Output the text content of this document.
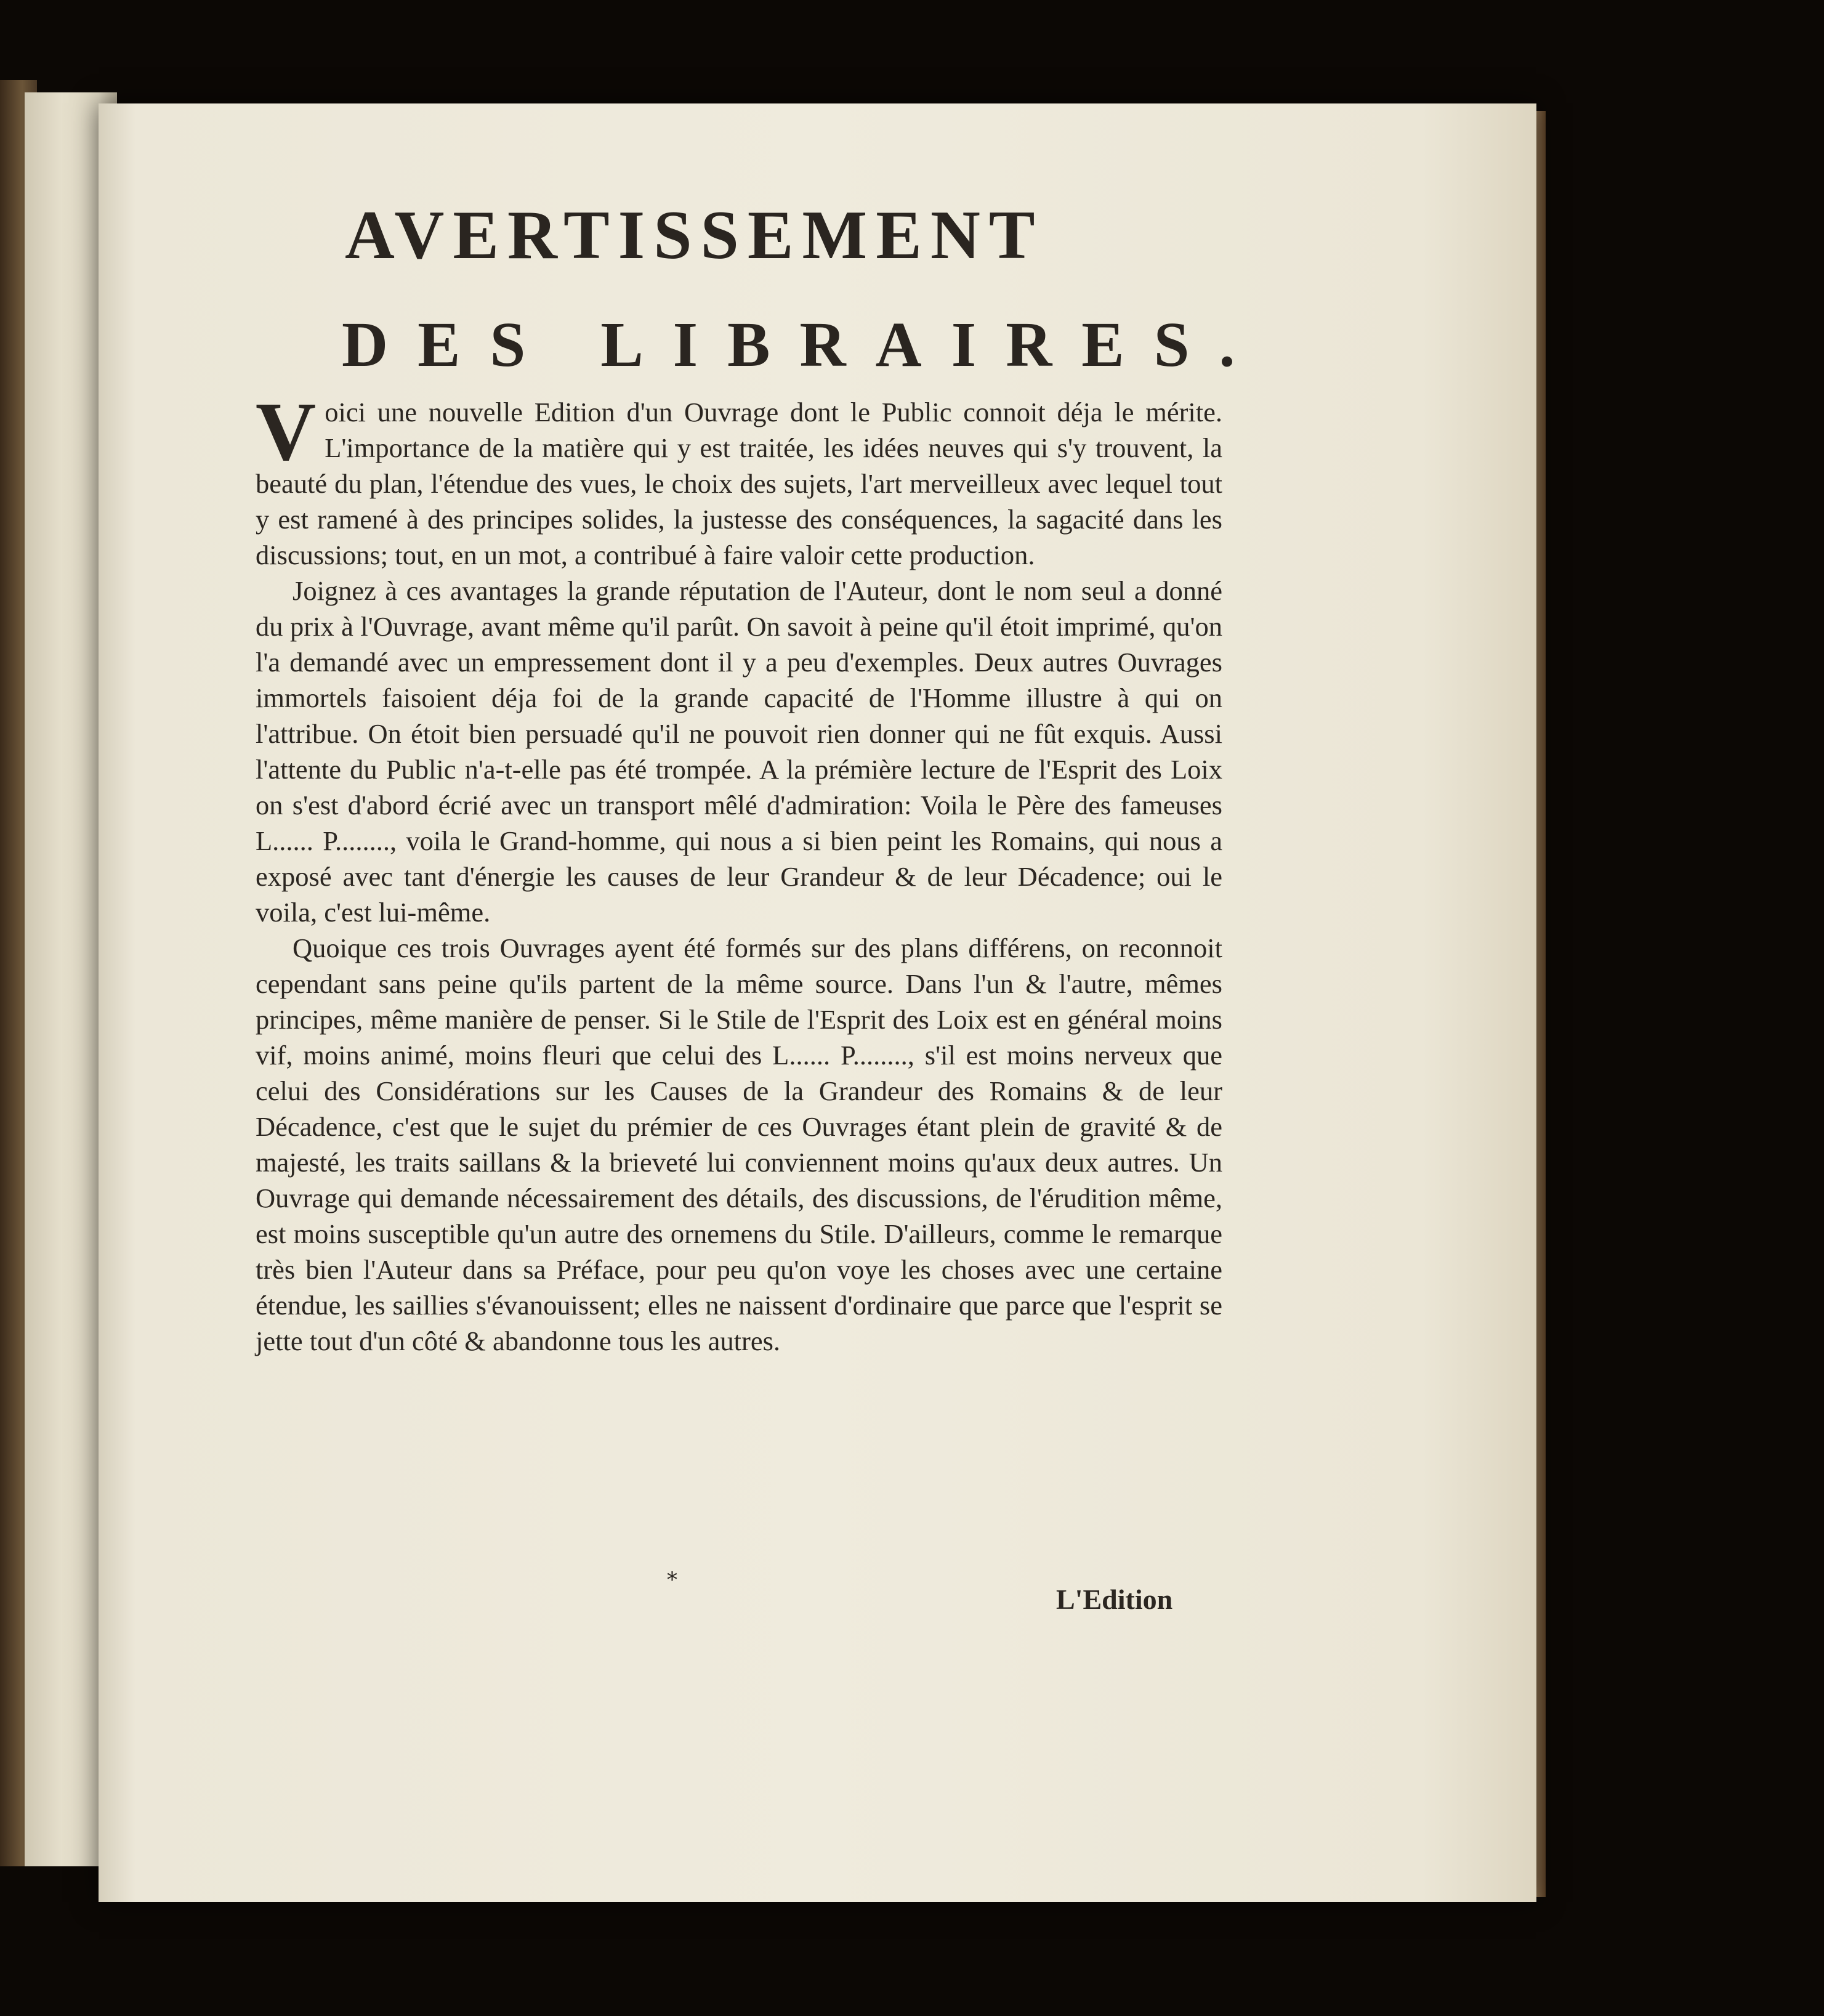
AVERTISSEMENT
DES LIBRAIRES.

Voici une nouvelle Edition d'un Ouvrage dont le Public connoit déja le mérite. L'importance de la matière qui y est traitée, les idées neuves qui s'y trouvent, la beauté du plan, l'étendue des vues, le choix des sujets, l'art merveilleux avec lequel tout y est ramené à des principes solides, la justesse des conséquences, la sagacité dans les discussions; tout, en un mot, a contribué à faire valoir cette production.

Joignez à ces avantages la grande réputation de l'Auteur, dont le nom seul a donné du prix à l'Ouvrage, avant même qu'il parût. On savoit à peine qu'il étoit imprimé, qu'on l'a demandé avec un empressement dont il y a peu d'exemples. Deux autres Ouvrages immortels faisoient déja foi de la grande capacité de l'Homme illustre à qui on l'attribue. On étoit bien persuadé qu'il ne pouvoit rien donner qui ne fût exquis. Aussi l'attente du Public n'a-t-elle pas été trompée. A la prémière lecture de l'Esprit des Loix on s'est d'abord écrié avec un transport mêlé d'admiration: Voila le Père des fameuses L...... P........, voila le Grand-homme, qui nous a si bien peint les Romains, qui nous a exposé avec tant d'énergie les causes de leur Grandeur & de leur Décadence; oui le voila, c'est lui-même.

Quoique ces trois Ouvrages ayent été formés sur des plans différens, on reconnoit cependant sans peine qu'ils partent de la même source. Dans l'un & l'autre, mêmes principes, même manière de penser. Si le Stile de l'Esprit des Loix est en général moins vif, moins animé, moins fleuri que celui des L...... P........, s'il est moins nerveux que celui des Considérations sur les Causes de la Grandeur des Romains & de leur Décadence, c'est que le sujet du prémier de ces Ouvrages étant plein de gravité & de majesté, les traits saillans & la brieveté lui conviennent moins qu'aux deux autres. Un Ouvrage qui demande nécessairement des détails, des discussions, de l'érudition même, est moins susceptible qu'un autre des ornemens du Stile. D'ailleurs, comme le remarque très bien l'Auteur dans sa Préface, pour peu qu'on voye les choses avec une certaine étendue, les saillies s'évanouissent; elles ne naissent d'ordinaire que parce que l'esprit se jette tout d'un côté & abandonne tous les autres.

*
L'Edition
